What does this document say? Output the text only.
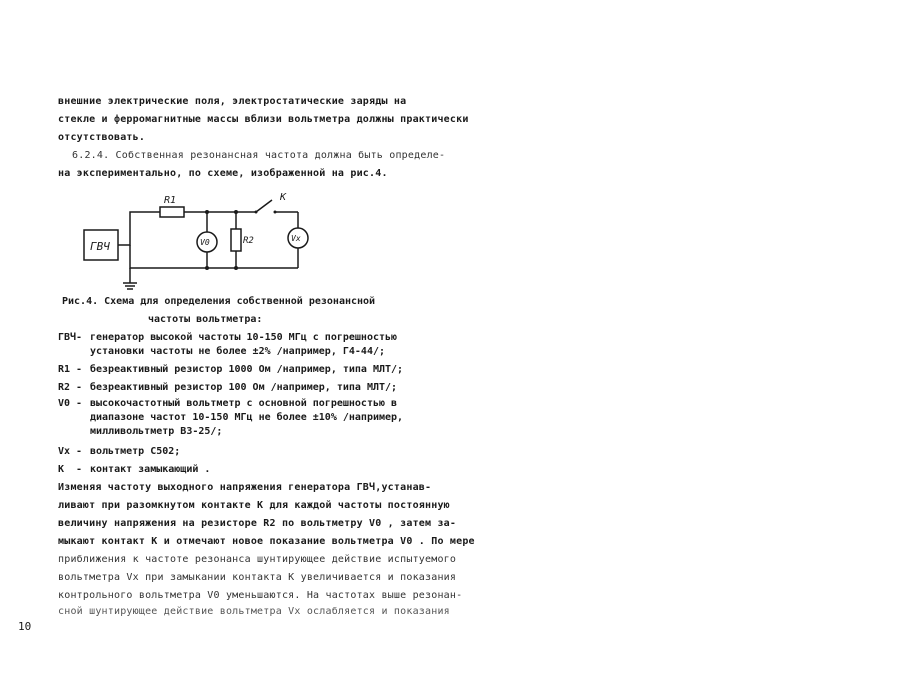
внешние электрические поля, электростатические заряды на
стекле и ферромагнитные массы вблизи вольтметра должны практически
отсутствовать.
6.2.4. Собственная резонансная частота должна быть определе-
на экспериментально, по схеме, изображенной на рис.4.
ГВЧ
R1
R2
K
V0	Vx
Рис.4. Схема для определения собственной резонансной
частоты вольтметра:
ГВЧ - генератор высокой частоты 10-150 МГц с погрешностью
установки частоты не более ±2% /например, Г4-44/;
R1 - безреактивный резистор 1000 Ом /например, типа МЛТ/;
R2 - безреактивный резистор 100 Ом /например, типа МЛТ/;
V0 - высокочастотный вольтметр с основной погрешностью в
диапазоне частот 10-150 МГц не более ±10% /например,
милливольтметр В3-25/;
Vx - вольтметр С502;
K - контакт замыкающий .
Изменяя частоту выходного напряжения генератора ГВЧ,устанав-
ливают при разомкнутом контакте К для каждой частоты постоянную
величину напряжения на резисторе R2 по вольтметру V0 , затем за-
мыкают контакт К и отмечают новое показание вольтметра V0 . По мере
приближения к частоте резонанса шунтирующее действие испытуемого
вольтметра Vx при замыкании контакта К увеличивается и показания
контрольного вольтметра V0 уменьшаются. На частотах выше резонан-
сной шунтирующее действие вольтметра Vx ослабляется и показания
10
